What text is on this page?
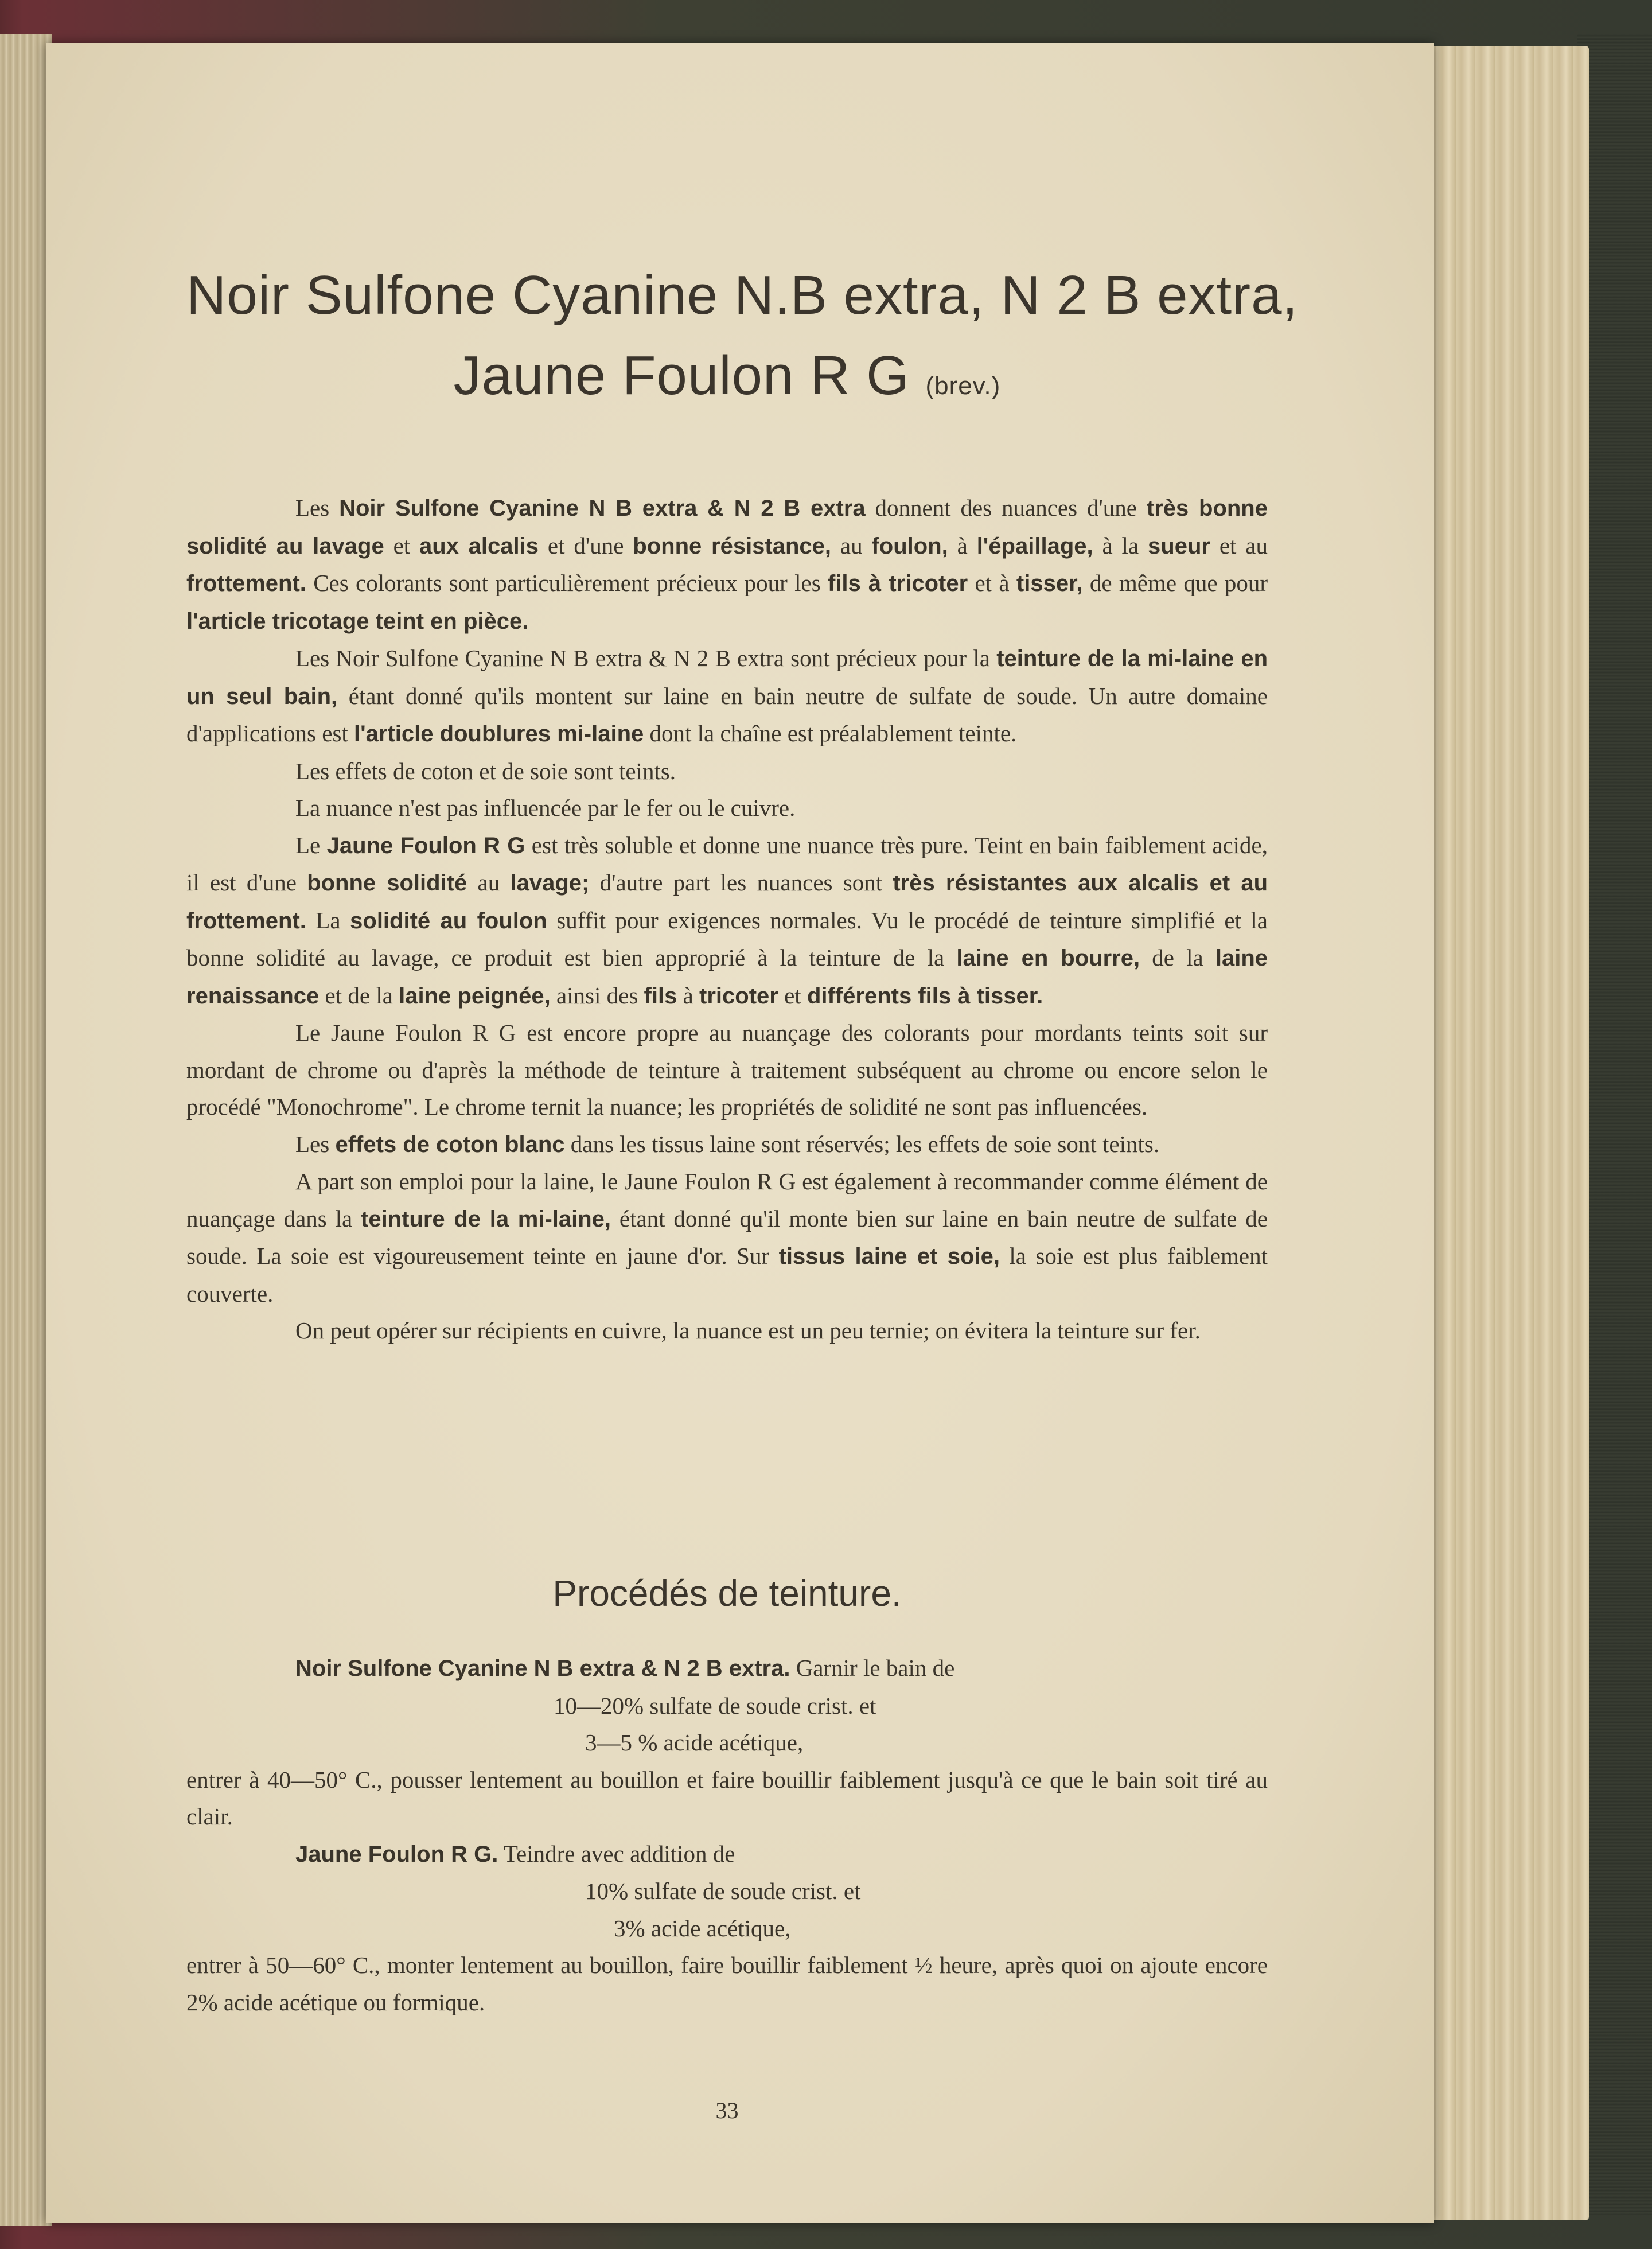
Noir Sulfone Cyanine N.B extra, N 2 B extra,
Jaune Foulon R G (brev.)

Les Noir Sulfone Cyanine N B extra & N 2 B extra donnent des nuances d'une très bonne solidité au lavage et aux alcalis et d'une bonne résistance, au foulon, à l'épaillage, à la sueur et au frottement. Ces colorants sont particulièrement précieux pour les fils à tricoter et à tisser, de même que pour l'article tricotage teint en pièce.

Les Noir Sulfone Cyanine N B extra & N 2 B extra sont précieux pour la teinture de la mi-laine en un seul bain, étant donné qu'ils montent sur laine en bain neutre de sulfate de soude. Un autre domaine d'applications est l'article doublures mi-laine dont la chaîne est préalablement teinte.

Les effets de coton et de soie sont teints.

La nuance n'est pas influencée par le fer ou le cuivre.

Le Jaune Foulon R G est très soluble et donne une nuance très pure. Teint en bain faiblement acide, il est d'une bonne solidité au lavage; d'autre part les nuances sont très résistantes aux alcalis et au frottement. La solidité au foulon suffit pour exigences normales. Vu le procédé de teinture simplifié et la bonne solidité au lavage, ce produit est bien approprié à la teinture de la laine en bourre, de la laine renaissance et de la laine peignée, ainsi des fils à tricoter et différents fils à tisser.

Le Jaune Foulon R G est encore propre au nuançage des colorants pour mordants teints soit sur mordant de chrome ou d'après la méthode de teinture à traitement subséquent au chrome ou encore selon le procédé "Monochrome". Le chrome ternit la nuance; les propriétés de solidité ne sont pas influencées.

Les effets de coton blanc dans les tissus laine sont réservés; les effets de soie sont teints.

A part son emploi pour la laine, le Jaune Foulon R G est également à recommander comme élément de nuançage dans la teinture de la mi-laine, étant donné qu'il monte bien sur laine en bain neutre de sulfate de soude. La soie est vigoureusement teinte en jaune d'or. Sur tissus laine et soie, la soie est plus faiblement couverte.

On peut opérer sur récipients en cuivre, la nuance est un peu ternie; on évitera la teinture sur fer.

Procédés de teinture.

Noir Sulfone Cyanine N B extra & N 2 B extra. Garnir le bain de

10—20% sulfate de soude crist. et

3—5 % acide acétique,

entrer à 40—50° C., pousser lentement au bouillon et faire bouillir faiblement jusqu'à ce que le bain soit tiré au clair.

Jaune Foulon R G. Teindre avec addition de

10% sulfate de soude crist. et

3% acide acétique,

entrer à 50—60° C., monter lentement au bouillon, faire bouillir faiblement ½ heure, après quoi on ajoute encore 2% acide acétique ou formique.

33
